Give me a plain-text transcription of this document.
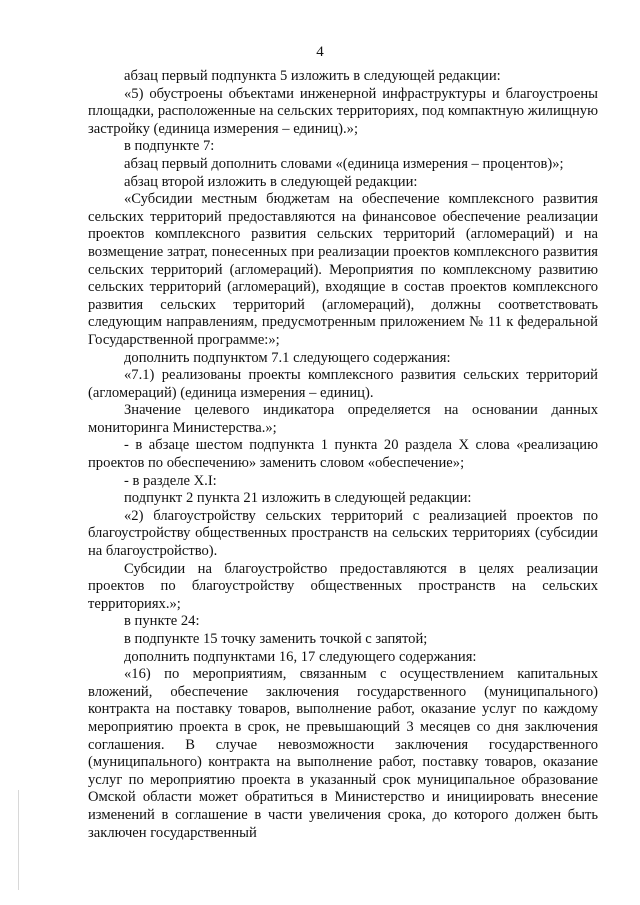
4

абзац первый подпункта 5 изложить в следующей редакции:

«5) обустроены объектами инженерной инфраструктуры и благоустроены площадки, расположенные на сельских территориях, под компактную жилищную застройку (единица измерения – единиц).»;

в подпункте 7:

абзац первый дополнить словами «(единица измерения – процентов)»;

абзац второй изложить в следующей редакции:

«Субсидии местным бюджетам на обеспечение комплексного развития сельских территорий предоставляются на финансовое обеспечение реализации проектов комплексного развития сельских территорий (агломераций) и на возмещение затрат, понесенных при реализации проектов комплексного развития сельских территорий (агломераций). Мероприятия по комплексному развитию сельских территорий (агломераций), входящие в состав проектов комплексного развития сельских территорий (агломераций), должны соответствовать следующим направлениям, предусмотренным приложением № 11 к федеральной Государственной программе:»;

дополнить подпунктом 7.1 следующего содержания:

«7.1) реализованы проекты комплексного развития сельских территорий (агломераций) (единица измерения – единиц).

Значение целевого индикатора определяется на основании данных мониторинга Министерства.»;

- в абзаце шестом подпункта 1 пункта 20 раздела X слова «реализацию проектов по обеспечению» заменить словом «обеспечение»;

- в разделе X.I:

подпункт 2 пункта 21 изложить в следующей редакции:

«2) благоустройству сельских территорий с реализацией проектов по благоустройству общественных пространств на сельских территориях (субсидии на благоустройство).

Субсидии на благоустройство предоставляются в целях реализации проектов по благоустройству общественных пространств на сельских территориях.»;

в пункте 24:

в подпункте 15 точку заменить точкой с запятой;

дополнить подпунктами 16, 17 следующего содержания:

«16) по мероприятиям, связанным с осуществлением капитальных вложений, обеспечение заключения государственного (муниципального) контракта на поставку товаров, выполнение работ, оказание услуг по каждому мероприятию проекта в срок, не превышающий 3 месяцев со дня заключения соглашения. В случае невозможности заключения государственного (муниципального) контракта на выполнение работ, поставку товаров, оказание услуг по мероприятию проекта в указанный срок муниципальное образование Омской области может обратиться в Министерство и инициировать внесение изменений в соглашение в части увеличения срока, до которого должен быть заключен государственный
